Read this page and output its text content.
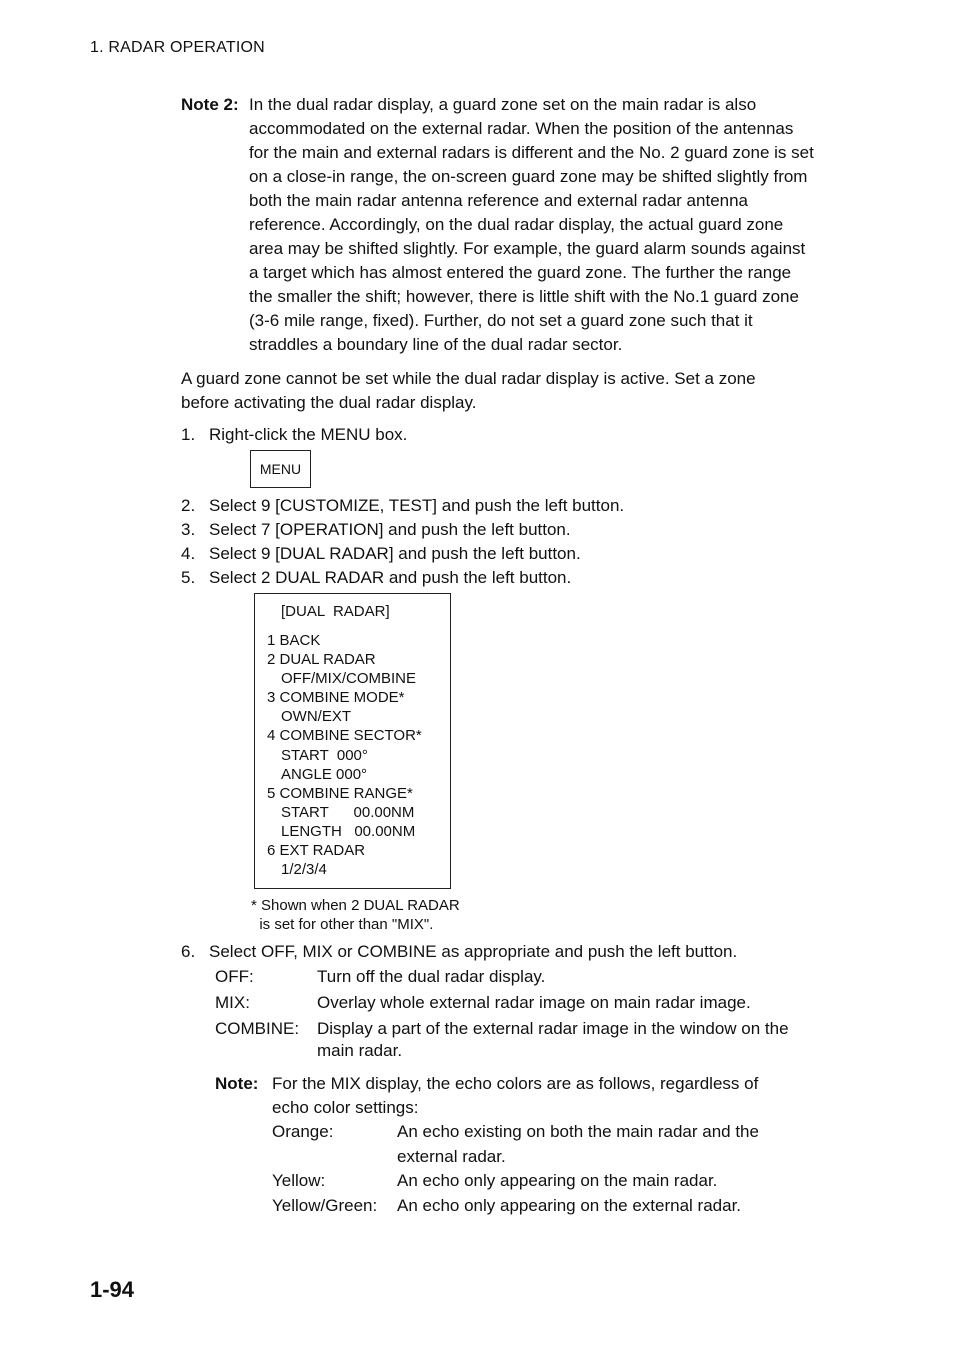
1. RADAR OPERATION
Note 2: In the dual radar display, a guard zone set on the main radar is also
accommodated on the external radar. When the position of the antennas
for the main and external radars is different and the No. 2 guard zone is set
on a close-in range, the on-screen guard zone may be shifted slightly from
both the main radar antenna reference and external radar antenna
reference. Accordingly, on the dual radar display, the actual guard zone
area may be shifted slightly. For example, the guard alarm sounds against
a target which has almost entered the guard zone. The further the range
the smaller the shift; however, there is little shift with the No.1 guard zone
(3-6 mile range, fixed). Further, do not set a guard zone such that it
straddles a boundary line of the dual radar sector.
A guard zone cannot be set while the dual radar display is active. Set a zone
before activating the dual radar display.
1. Right-click the MENU box.
MENU
2. Select 9 [CUSTOMIZE, TEST] and push the left button.
3. Select 7 [OPERATION] and push the left button.
4. Select 9 [DUAL RADAR] and push the left button.
5. Select 2 DUAL RADAR and push the left button.
[DUAL  RADAR]
1 BACK
2 DUAL RADAR
OFF/MIX/COMBINE
3 COMBINE MODE*
OWN/EXT
4 COMBINE SECTOR*
START  000°
ANGLE 000°
5 COMBINE RANGE*
START      00.00NM
LENGTH   00.00NM
6 EXT RADAR
1/2/3/4
* Shown when 2 DUAL RADAR
is set for other than "MIX".
6. Select OFF, MIX or COMBINE as appropriate and push the left button.
OFF:	Turn off the dual radar display.
MIX:	Overlay whole external radar image on main radar image.
COMBINE: Display a part of the external radar image in the window on the main radar.
Note: For the MIX display, the echo colors are as follows, regardless of
echo color settings:
Orange:	An echo existing on both the main radar and the external radar.
Yellow:	An echo only appearing on the main radar.
Yellow/Green: An echo only appearing on the external radar.
1-94
